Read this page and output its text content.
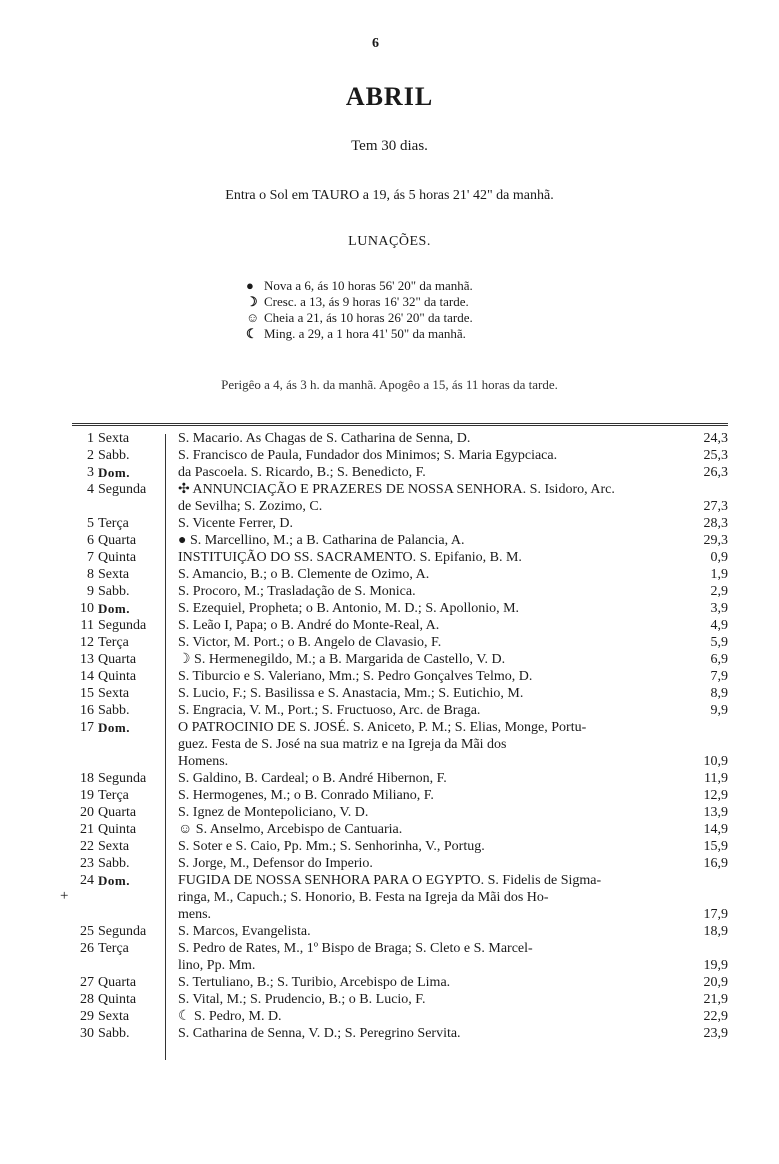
6
ABRIL
Tem 30 dias.
Entra o Sol em TAURO a 19, ás 5 horas 21' 42" da manhã.
LUNAÇÕES.
● Nova a 6, ás 10 horas 56' 20" da manhã.
☽ Cresc. a 13, ás 9 horas 16' 32" da tarde.
☺ Cheia a 21, ás 10 horas 26' 20" da tarde.
☾ Ming. a 29, a 1 hora 41' 50" da manhã.
Perigêo a 4, ás 3 h. da manhã. Apogêo a 15, ás 11 horas da tarde.
+
1 Sexta	S. Macario. As Chagas de S. Catharina de Senna, D.	24,3
2 Sabb.	S. Francisco de Paula, Fundador dos Minimos; S. Maria Egypciaca.	25,3
3 Dom.	da Pascoela. S. Ricardo, B.; S. Benedicto, F.	26,3
4 Segunda	✣ ANNUNCIAÇÃO E PRAZERES DE NOSSA SENHORA. S. Isidoro, Arc.
de Sevilha; S. Zozimo, C.	27,3
5 Terça	S. Vicente Ferrer, D.	28,3
6 Quarta	● S. Marcellino, M.; a B. Catharina de Palancia, A.	29,3
7 Quinta	INSTITUIÇÃO DO SS. SACRAMENTO. S. Epifanio, B. M.	0,9
8 Sexta	S. Amancio, B.; o B. Clemente de Ozimo, A.	1,9
9 Sabb.	S. Procoro, M.; Trasladação de S. Monica.	2,9
10 Dom.	S. Ezequiel, Propheta; o B. Antonio, M. D.; S. Apollonio, M.	3,9
11 Segunda	S. Leão I, Papa; o B. André do Monte-Real, A.	4,9
12 Terça	S. Victor, M. Port.; o B. Angelo de Clavasio, F.	5,9
13 Quarta	☽ S. Hermenegildo, M.; a B. Margarida de Castello, V. D.	6,9
14 Quinta	S. Tiburcio e S. Valeriano, Mm.; S. Pedro Gonçalves Telmo, D.	7,9
15 Sexta	S. Lucio, F.; S. Basilissa e S. Anastacia, Mm.; S. Eutichio, M.	8,9
16 Sabb.	S. Engracia, V. M., Port.; S. Fructuoso, Arc. de Braga.	9,9
17 Dom.	O PATROCINIO DE S. JOSÉ. S. Aniceto, P. M.; S. Elias, Monge, Portu-
guez. Festa de S. José na sua matriz e na Igreja da Mãi dos
Homens.	10,9
18 Segunda	S. Galdino, B. Cardeal; o B. André Hibernon, F.	11,9
19 Terça	S. Hermogenes, M.; o B. Conrado Miliano, F.	12,9
20 Quarta	S. Ignez de Montepoliciano, V. D.	13,9
21 Quinta	☺ S. Anselmo, Arcebispo de Cantuaria.	14,9
22 Sexta	S. Soter e S. Caio, Pp. Mm.; S. Senhorinha, V., Portug.	15,9
23 Sabb.	S. Jorge, M., Defensor do Imperio.	16,9
24 Dom.	FUGIDA DE NOSSA SENHORA PARA O EGYPTO. S. Fidelis de Sigma-
ringa, M., Capuch.; S. Honorio, B. Festa na Igreja da Mãi dos Ho-
mens.	17,9
25 Segunda	S. Marcos, Evangelista.	18,9
26 Terça	S. Pedro de Rates, M., 1º Bispo de Braga; S. Cleto e S. Marcel-
lino, Pp. Mm.	19,9
27 Quarta	S. Tertuliano, B.; S. Turibio, Arcebispo de Lima.	20,9
28 Quinta	S. Vital, M.; S. Prudencio, B.; o B. Lucio, F.	21,9
29 Sexta	☾ S. Pedro, M. D.	22,9
30 Sabb.	S. Catharina de Senna, V. D.; S. Peregrino Servita.	23,9
